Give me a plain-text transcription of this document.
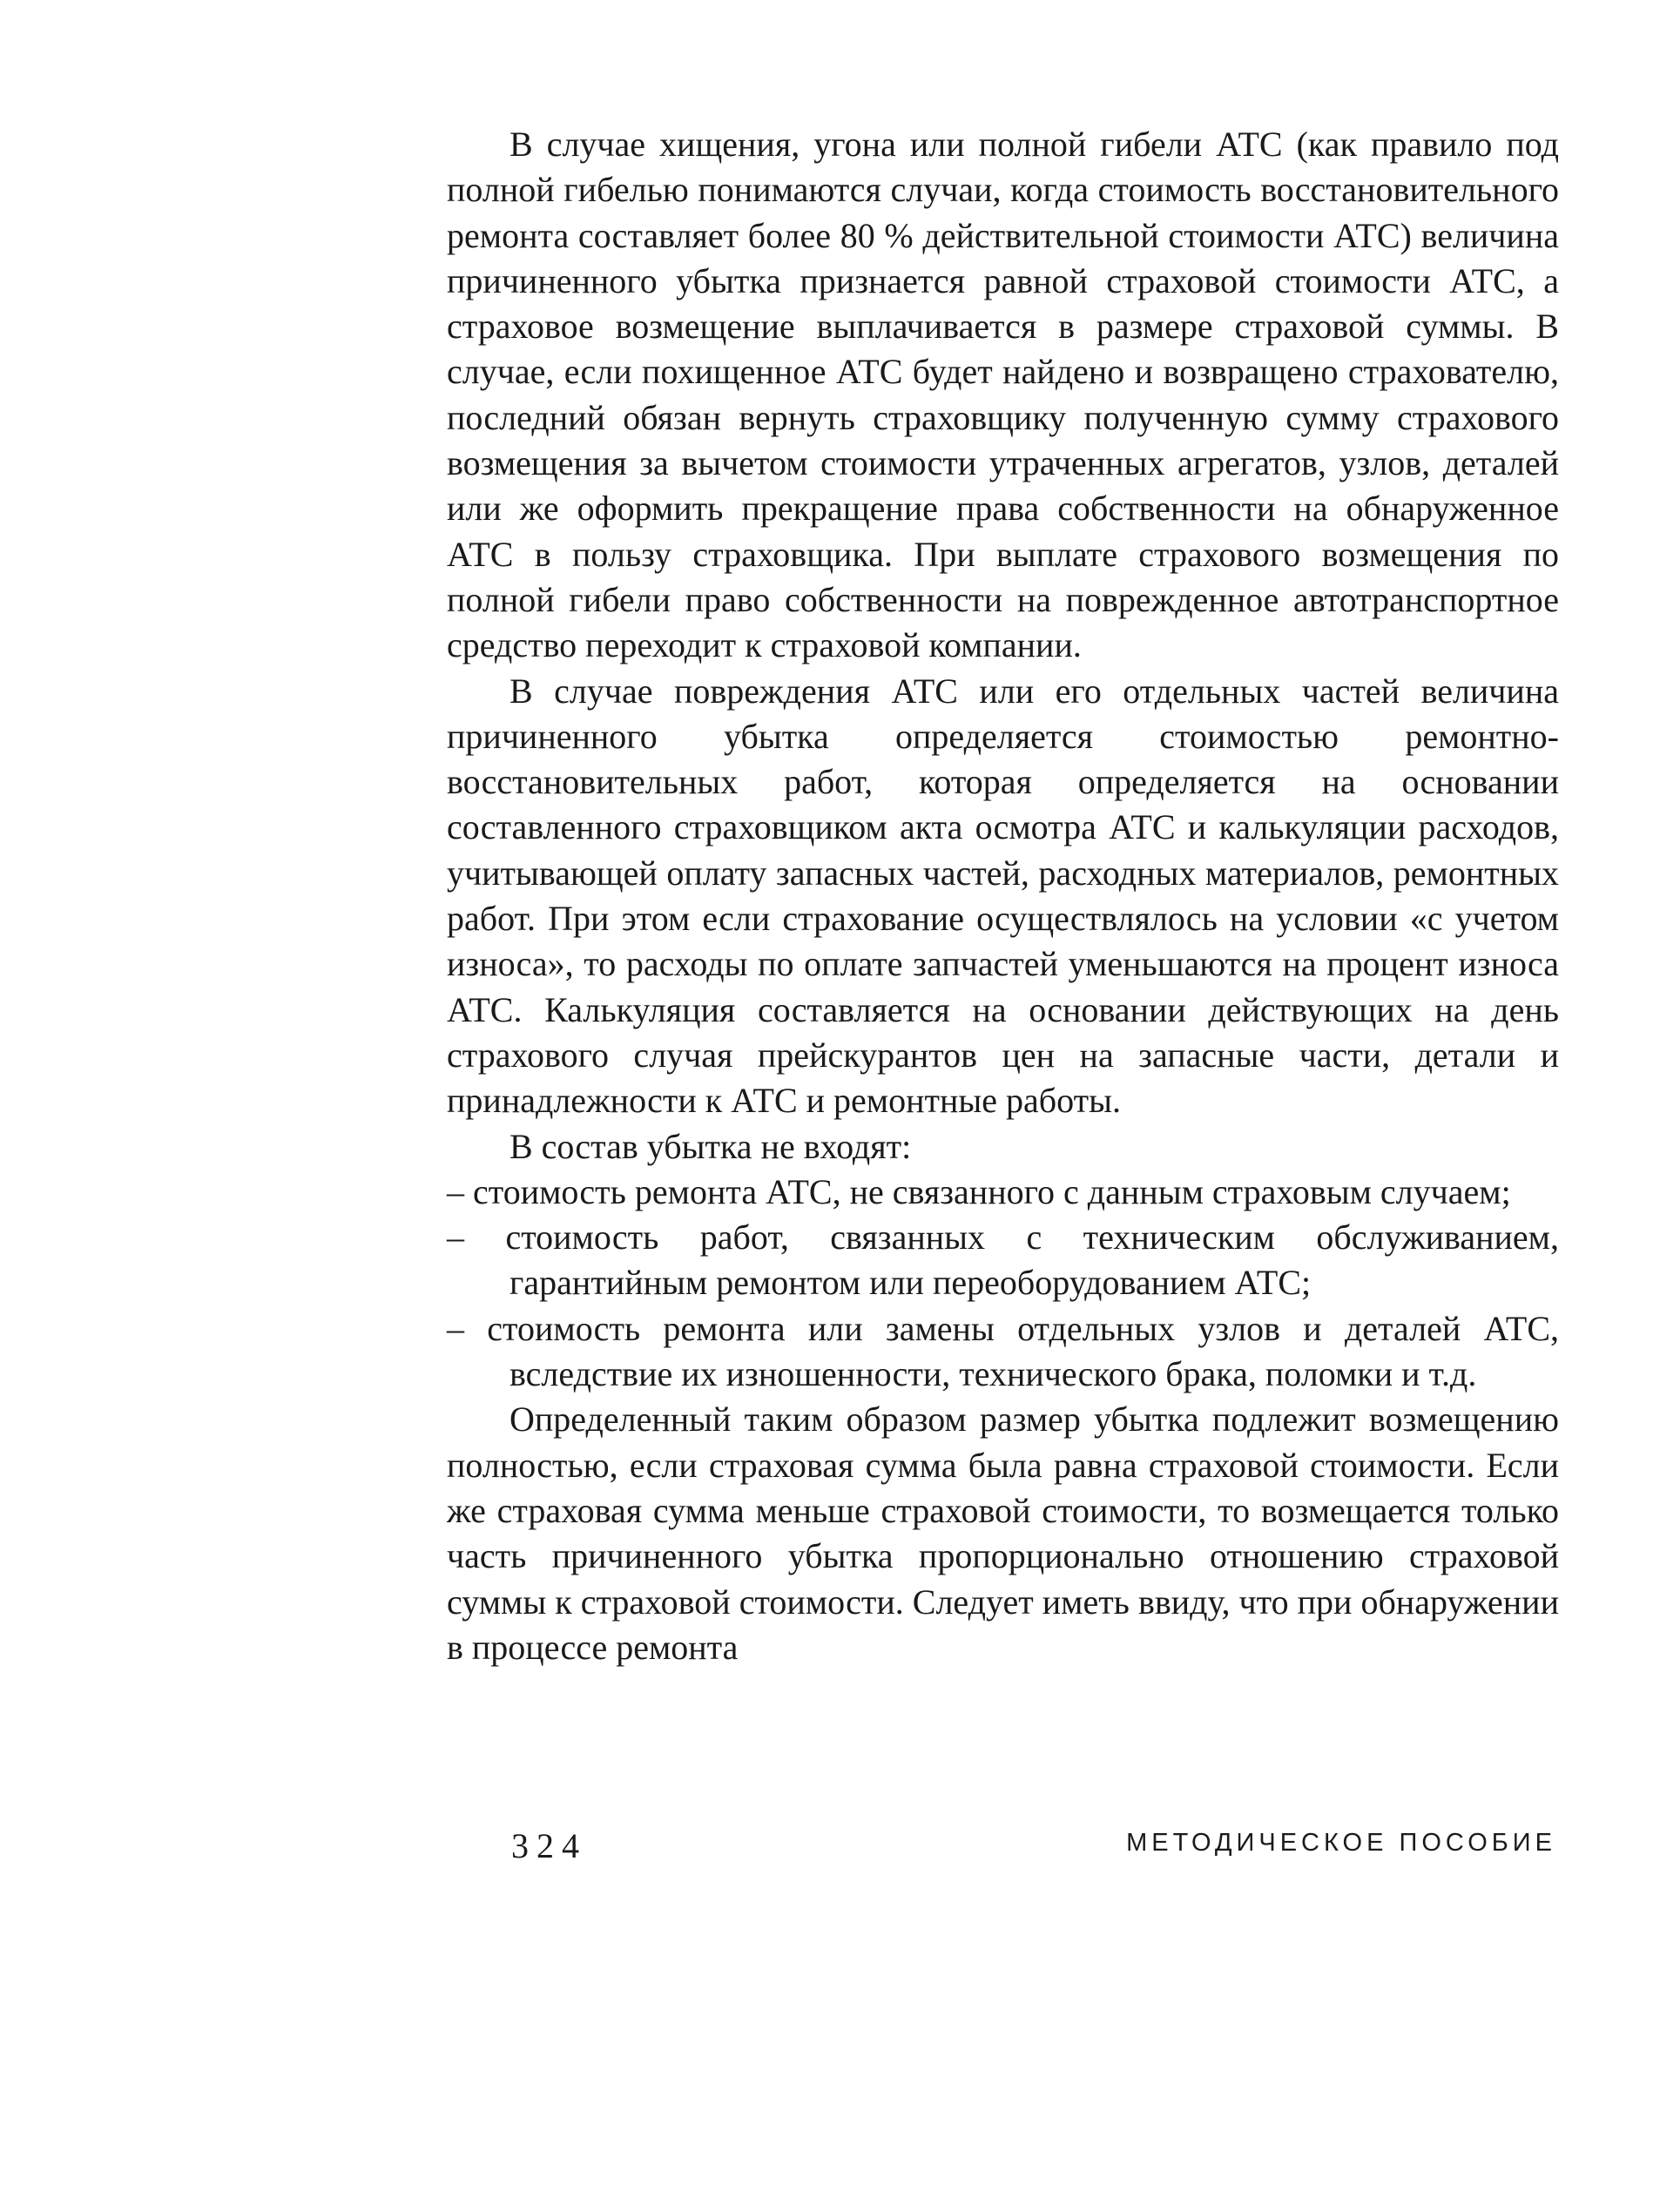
В случае хищения, угона или полной гибели АТС (как правило под полной гибелью понимаются случаи, когда стоимость восстановительного ремонта составляет более 80 % действительной стоимости АТС) величина причиненного убытка признается равной страховой стоимости АТС, а страховое возмещение выплачивается в размере страховой суммы. В случае, если похищенное АТС будет найдено и возвращено страхователю, последний обязан вернуть страховщику полученную сумму страхового возмещения за вычетом стоимости утраченных агрегатов, узлов, деталей или же оформить прекращение права собственности на обнаруженное АТС в пользу страховщика. При выплате страхового возмещения по полной гибели право собственности на поврежденное автотранспортное средство переходит к страховой компании.

В случае повреждения АТС или его отдельных частей величина причиненного убытка определяется стоимостью ремонтно-восстановительных работ, которая определяется на основании составленного страховщиком акта осмотра АТС и калькуляции расходов, учитывающей оплату запасных частей, расходных материалов, ремонтных работ. При этом если страхование осуществлялось на условии «с учетом износа», то расходы по оплате запчастей уменьшаются на процент износа АТС. Калькуляция составляется на основании действующих на день страхового случая прейскурантов цен на запасные части, детали и принадлежности к АТС и ремонтные работы.

В состав убытка не входят:

– стоимость ремонта АТС, не связанного с данным страховым случаем;
– стоимость работ, связанных с техническим обслуживанием, гарантийным ремонтом или переоборудованием АТС;
– стоимость ремонта или замены отдельных узлов и деталей АТС, вследствие их изношенности, технического брака, поломки и т.д.

Определенный таким образом размер убытка подлежит возмещению полностью, если страховая сумма была равна страховой стоимости. Если же страховая сумма меньше страховой стоимости, то возмещается только часть причиненного убытка пропорционально отношению страховой суммы к страховой стоимости. Следует иметь ввиду, что при обнаружении в процессе ремонта

324	МЕТОДИЧЕСКОЕ ПОСОБИЕ
